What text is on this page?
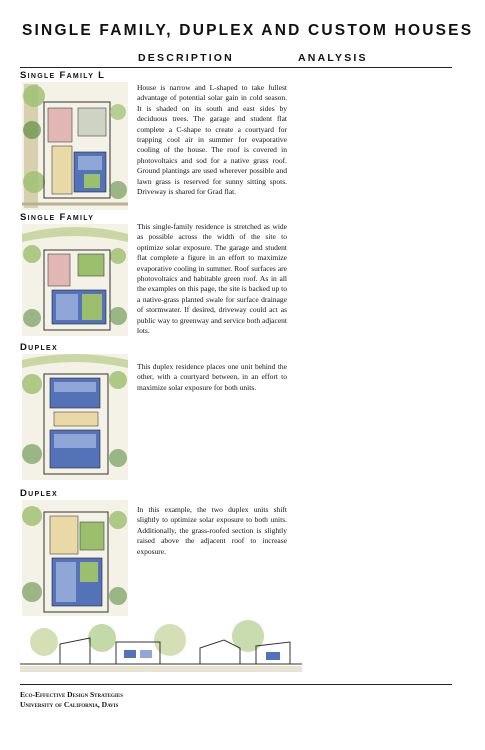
SINGLE FAMILY, DUPLEX AND CUSTOM HOUSES
DESCRIPTION	ANALYSIS
Single Family L
House is narrow and L-shaped to take fullest advantage of potential solar gain in cold season. It is shaded on its south and east sides by deciduous trees. The garage and student flat complete a C-shape to create a courtyard for trapping cool air in summer for evaporative cooling of the house. The roof is covered in photovoltaics and sod for a native grass roof. Ground plantings are used wherever possible and lawn grass is reserved for sunny sitting spots. Driveway is shared for Grad flat.
Single Family
This single-family residence is stretched as wide as possible across the width of the site to optimize solar exposure. The garage and student flat complete a figure in an effort to maximize evaporative cooling in summer. Roof surfaces are photovoltaics and habitable green roof. As in all the examples on this page, the site is backed up to a native-grass planted swale for surface drainage of stormwater. If desired, driveway could act as public way to greenway and service both adjacent lots.
Duplex
This duplex residence places one unit behind the other, with a courtyard between, in an effort to maximize solar exposure for both units.
Duplex
In this example, the two duplex units shift slightly to optimize solar exposure to both units. Additionally, the grass-roofed section is slightly raised above the adjacent roof to increase exposure.
Eco-Effective Design Strategies
University of California, Davis
